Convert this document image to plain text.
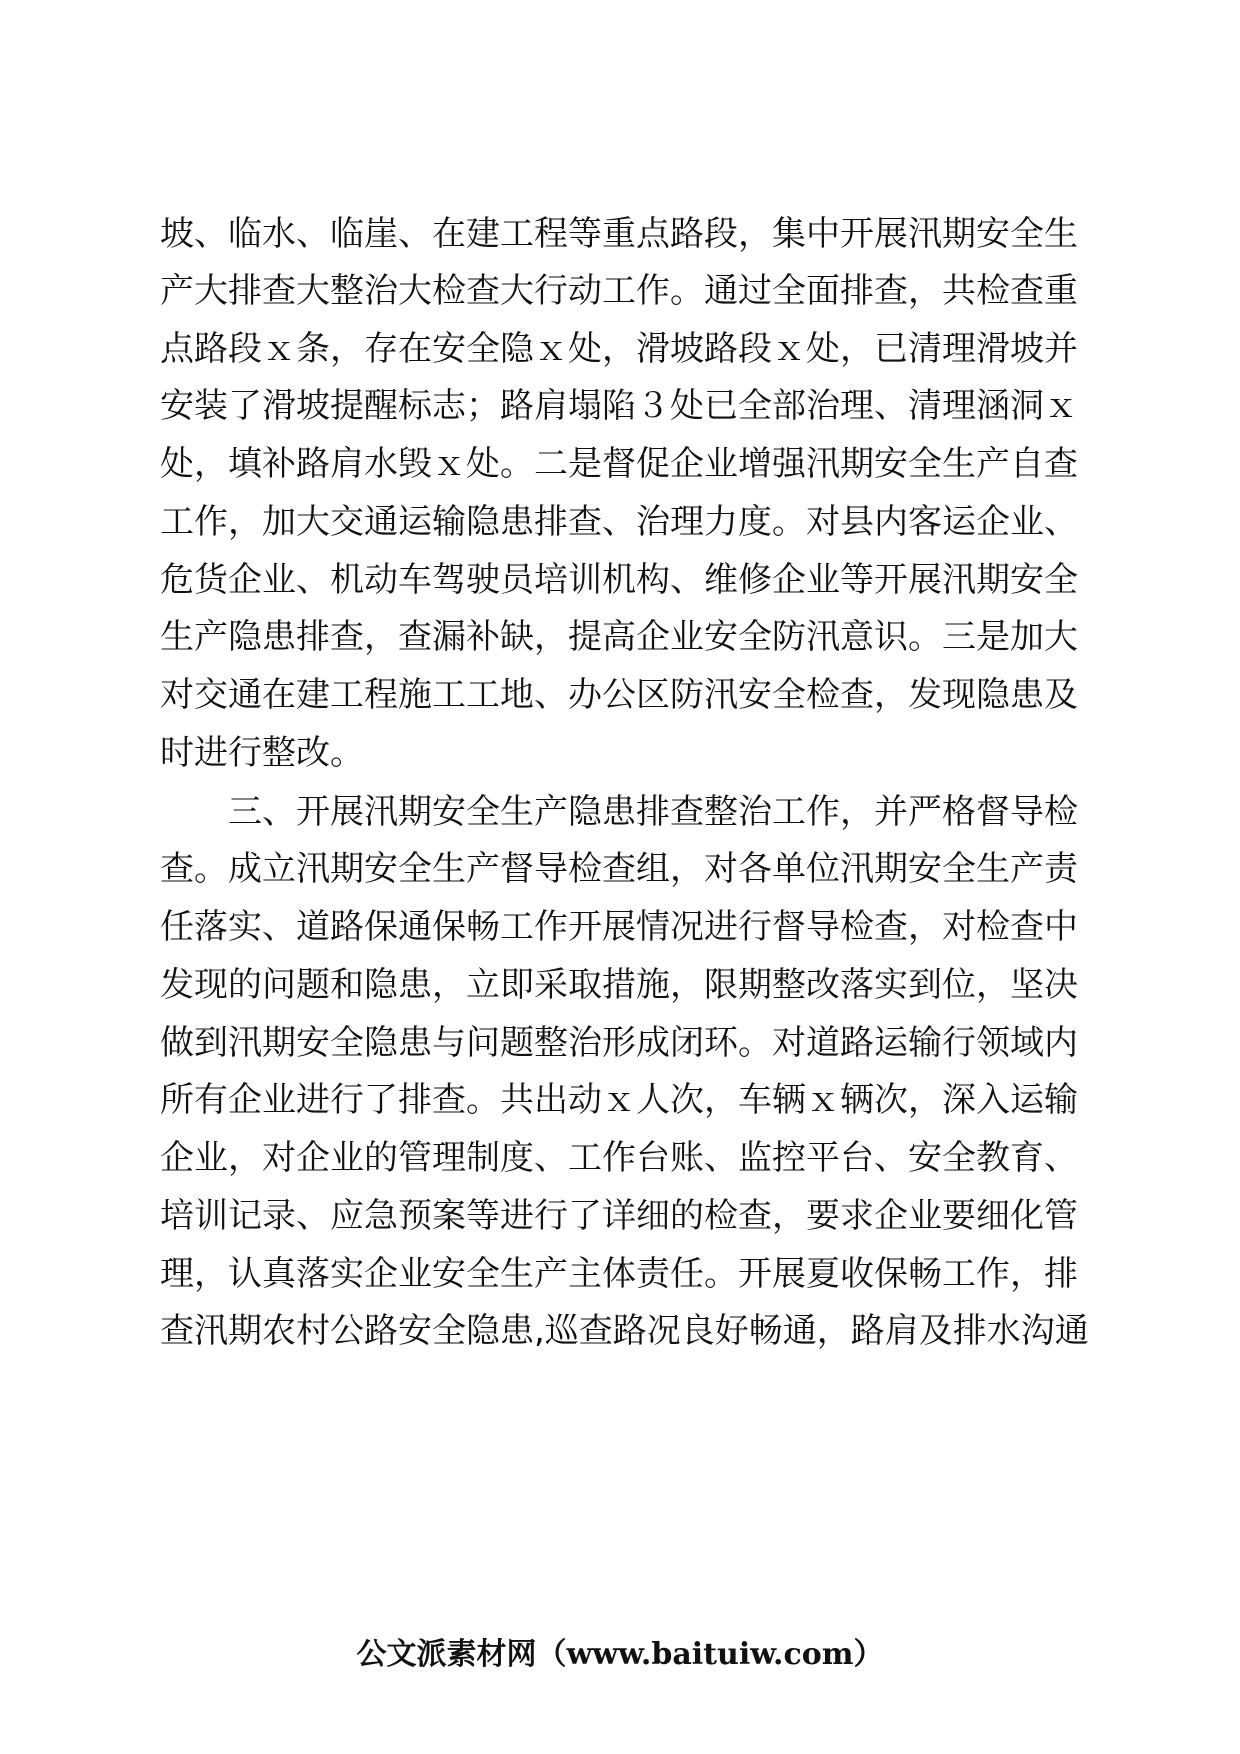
坡、临水、临崖、在建工程等重点路段，集中开展汛期安全生
产大排查大整治大检查大行动工作。通过全面排查，共检查重
点路段ｘ条，存在安全隐ｘ处，滑坡路段ｘ处，已清理滑坡并
安装了滑坡提醒标志；路肩塌陷３处已全部治理、清理涵洞ｘ
处，填补路肩水毁ｘ处。二是督促企业增强汛期安全生产自查
工作，加大交通运输隐患排查、治理力度。对县内客运企业、
危货企业、机动车驾驶员培训机构、维修企业等开展汛期安全
生产隐患排查，查漏补缺，提高企业安全防汛意识。三是加大
对交通在建工程施工工地、办公区防汛安全检查，发现隐患及
时进行整改。
三、开展汛期安全生产隐患排查整治工作，并严格督导检
查。成立汛期安全生产督导检查组，对各单位汛期安全生产责
任落实、道路保通保畅工作开展情况进行督导检查，对检查中
发现的问题和隐患，立即采取措施，限期整改落实到位，坚决
做到汛期安全隐患与问题整治形成闭环。对道路运输行领域内
所有企业进行了排查。共出动ｘ人次，车辆ｘ辆次，深入运输
企业，对企业的管理制度、工作台账、监控平台、安全教育、
培训记录、应急预案等进行了详细的检查，要求企业要细化管
理，认真落实企业安全生产主体责任。开展夏收保畅工作，排
查汛期农村公路安全隐患,巡查路况良好畅通，路肩及排水沟通
公文派素材网（www.baituiw.com）
